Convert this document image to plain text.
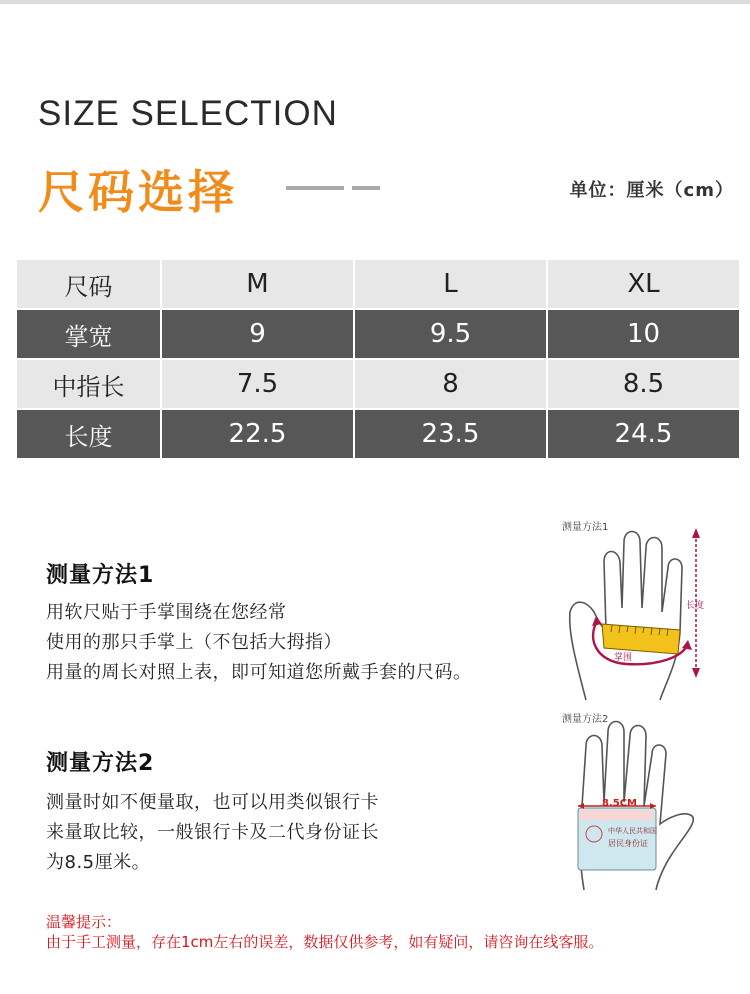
SIZE SELECTION
尺码选择	单位：厘米（cm）
尺码	M	L	XL
掌宽	9	9.5	10
中指长	7.5	8	8.5
长度	22.5	23.5	24.5
测量方法1
用软尺贴于手掌围绕在您经常
使用的那只手掌上（不包括大拇指）
用量的周长对照上表，即可知道您所戴手套的尺码。
测量方法1
长度
掌围
测量方法2
测量时如不便量取，也可以用类似银行卡
来量取比较，一般银行卡及二代身份证长
为8.5厘米。
测量方法2
8.5CM
中华人民共和国
居民身份证
温馨提示：
由于手工测量，存在1cm左右的误差，数据仅供参考，如有疑问，请咨询在线客服。
